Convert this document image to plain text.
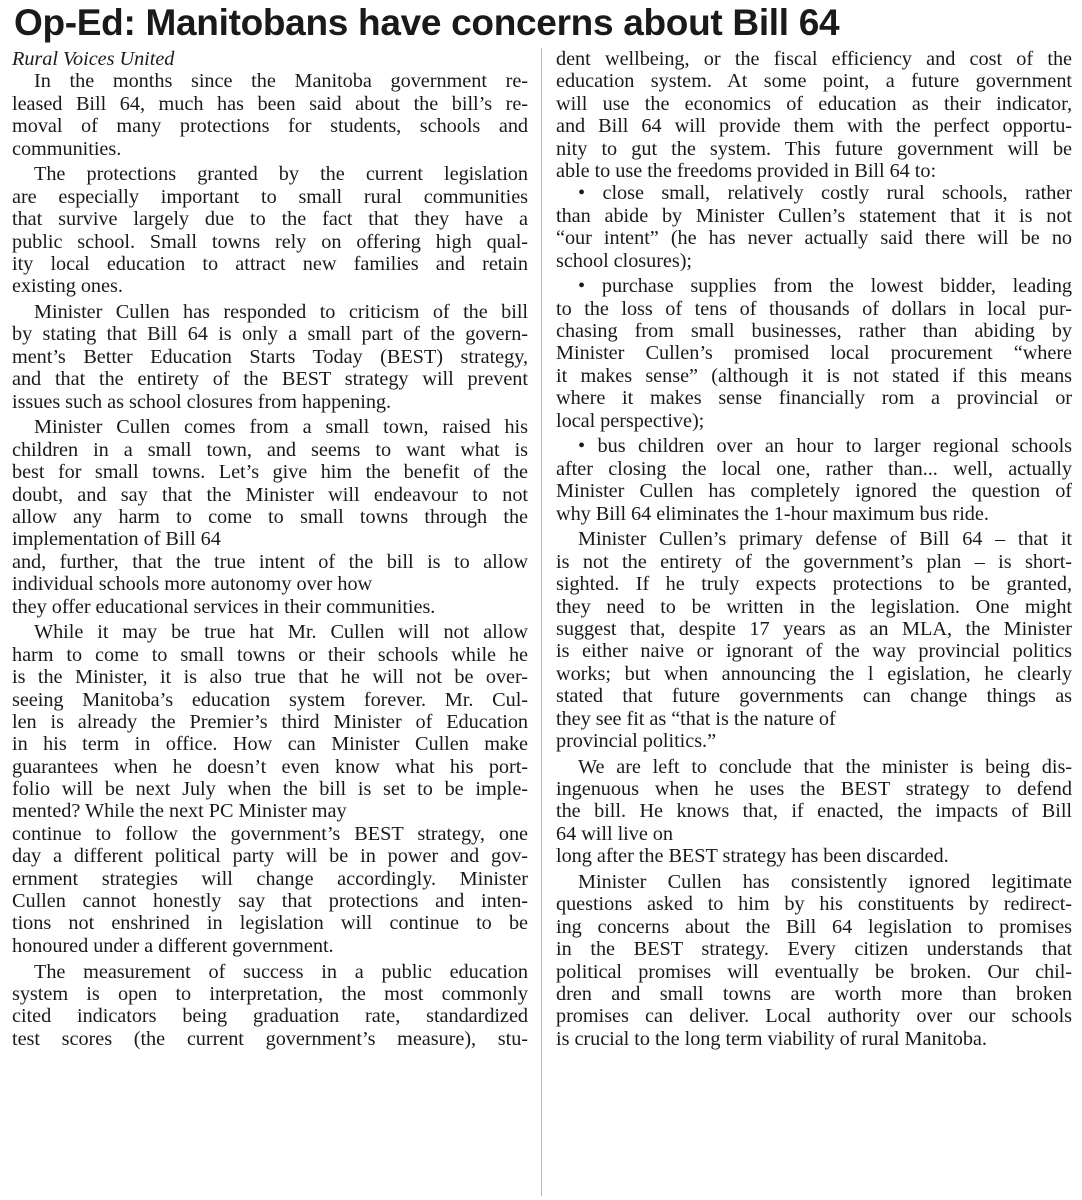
Op-Ed: Manitobans have concerns about Bill 64
Rural Voices United
In the months since the Manitoba government re-
leased Bill 64, much has been said about the bill’s re-
moval of many protections for students, schools and
communities.
The protections granted by the current legislation
are especially important to small rural communities
that survive largely due to the fact that they have a
public school. Small towns rely on offering high qual-
ity local education to attract new families and retain
existing ones.
Minister Cullen has responded to criticism of the bill
by stating that Bill 64 is only a small part of the govern-
ment’s Better Education Starts Today (BEST) strategy,
and that the entirety of the BEST strategy will prevent
issues such as school closures from happening.
Minister Cullen comes from a small town, raised his
children in a small town, and seems to want what is
best for small towns. Let’s give him the benefit of the
doubt, and say that the Minister will endeavour to not
allow any harm to come to small towns through the
implementation of Bill 64
and, further, that the true intent of the bill is to allow
individual schools more autonomy over how
they offer educational services in their communities.
While it may be true hat Mr. Cullen will not allow
harm to come to small towns or their schools while he
is the Minister, it is also true that he will not be over-
seeing Manitoba’s education system forever. Mr. Cul-
len is already the Premier’s third Minister of Education
in his term in office. How can Minister Cullen make
guarantees when he doesn’t even know what his port-
folio will be next July when the bill is set to be imple-
mented? While the next PC Minister may
continue to follow the government’s BEST strategy, one
day a different political party will be in power and gov-
ernment strategies will change accordingly. Minister
Cullen cannot honestly say that protections and inten-
tions not enshrined in legislation will continue to be
honoured under a different government.
The measurement of success in a public education
system is open to interpretation, the most commonly
cited indicators being graduation rate, standardized
test scores (the current government’s measure), stu-
dent wellbeing, or the fiscal efficiency and cost of the
education system. At some point, a future government
will use the economics of education as their indicator,
and Bill 64 will provide them with the perfect opportu-
nity to gut the system. This future government will be
able to use the freedoms provided in Bill 64 to:
• close small, relatively costly rural schools, rather
than abide by Minister Cullen’s statement that it is not
“our intent” (he has never actually said there will be no
school closures);
• purchase supplies from the lowest bidder, leading
to the loss of tens of thousands of dollars in local pur-
chasing from small businesses, rather than abiding by
Minister Cullen’s promised local procurement “where
it makes sense” (although it is not stated if this means
where it makes sense financially rom a provincial or
local perspective);
• bus children over an hour to larger regional schools
after closing the local one, rather than... well, actually
Minister Cullen has completely ignored the question of
why Bill 64 eliminates the 1-hour maximum bus ride.
Minister Cullen’s primary defense of Bill 64 – that it
is not the entirety of the government’s plan – is short-
sighted. If he truly expects protections to be granted,
they need to be written in the legislation. One might
suggest that, despite 17 years as an MLA, the Minister
is either naive or ignorant of the way provincial politics
works; but when announcing the l egislation, he clearly
stated that future governments can change things as
they see fit as “that is the nature of
provincial politics.”
We are left to conclude that the minister is being dis-
ingenuous when he uses the BEST strategy to defend
the bill. He knows that, if enacted, the impacts of Bill
64 will live on
long after the BEST strategy has been discarded.
Minister Cullen has consistently ignored legitimate
questions asked to him by his constituents by redirect-
ing concerns about the Bill 64 legislation to promises
in the BEST strategy. Every citizen understands that
political promises will eventually be broken. Our chil-
dren and small towns are worth more than broken
promises can deliver. Local authority over our schools
is crucial to the long term viability of rural Manitoba.
